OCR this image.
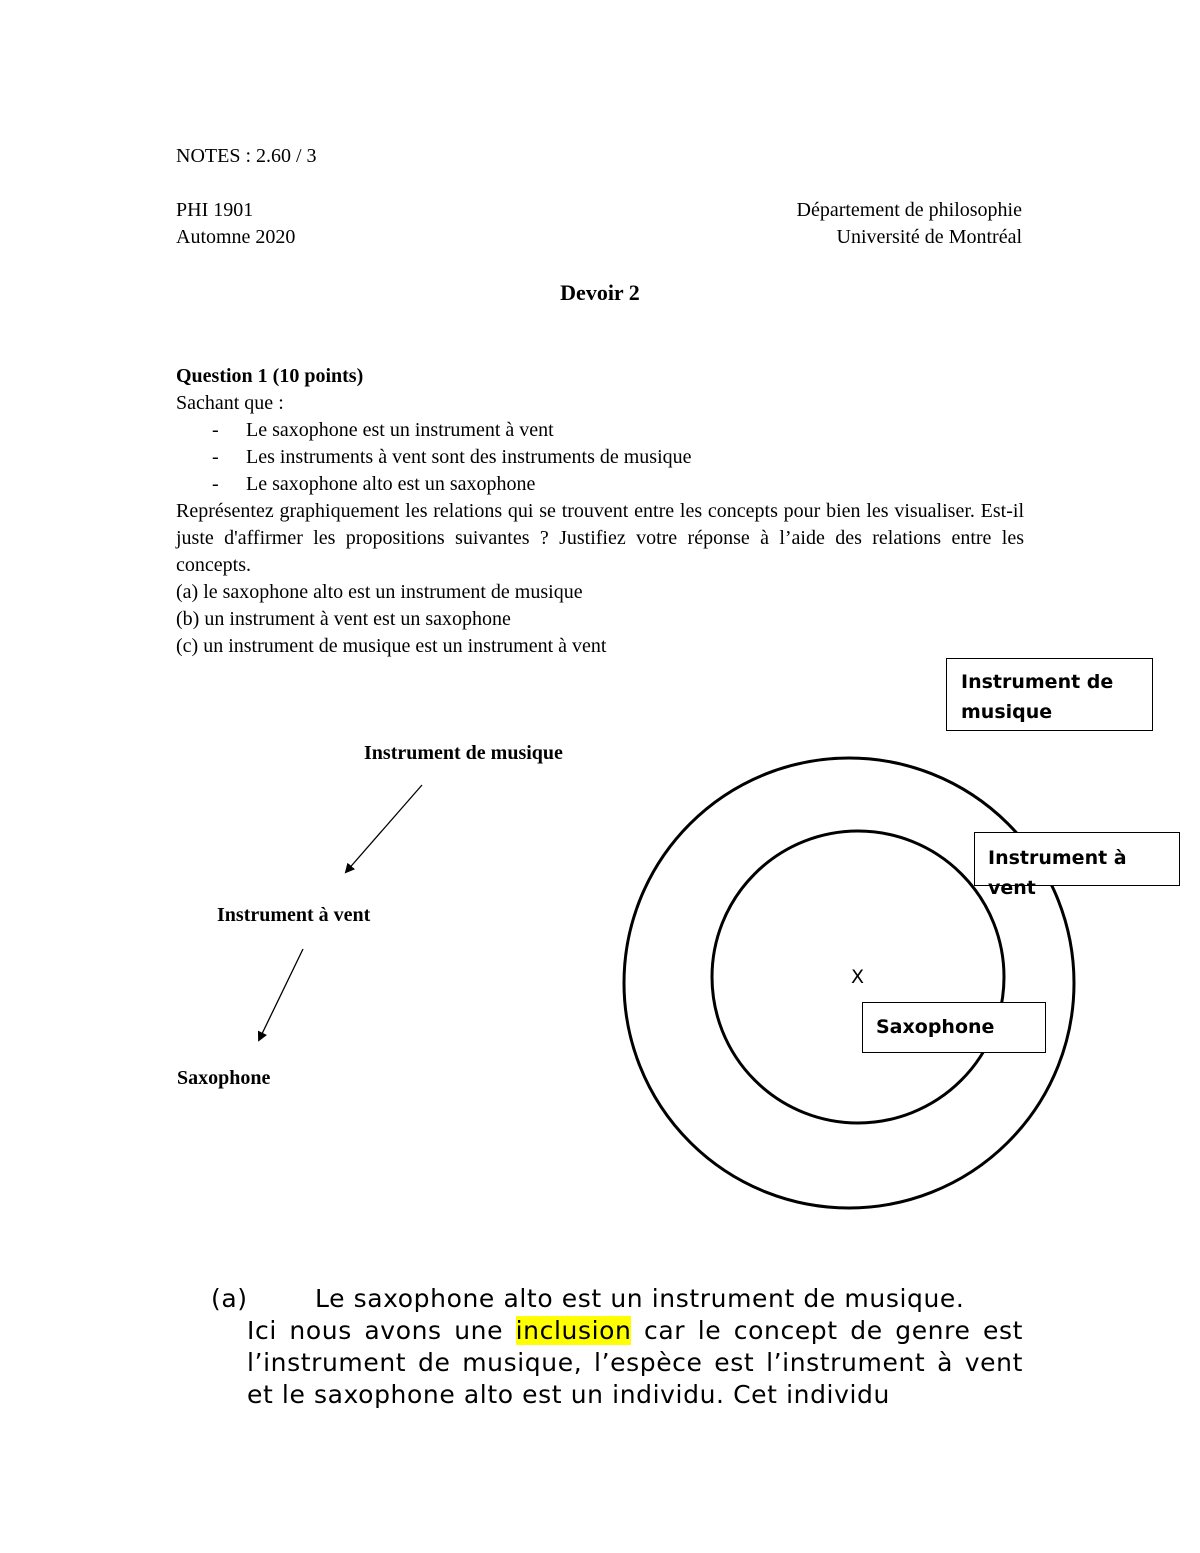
NOTES : 2.60 / 3
PHI 1901
Automne 2020
Département de philosophie
Université de Montréal
Devoir 2

Question 1 (10 points)

Sachant que :

-	Le saxophone est un instrument à vent
-	Les instruments à vent sont des instruments de musique
-	Le saxophone alto est un saxophone

Représentez graphiquement les relations qui se trouvent entre les concepts pour bien les visualiser. Est-il juste d'affirmer les propositions suivantes ? Justifiez votre réponse à l’aide des relations entre les concepts.

(a) le saxophone alto est un instrument de musique

(b) un instrument à vent est un saxophone

(c) un instrument de musique est un instrument à vent

Instrument de musique
Instrument à vent
Saxophone
Instrument de musique
Instrument à vent
Saxophone
X
(a)	Le saxophone alto est un instrument de musique.
Ici nous avons une inclusion car le concept de genre est l’instrument de musique, l’espèce est l’instrument à vent et le saxophone alto est un individu. Cet individu
